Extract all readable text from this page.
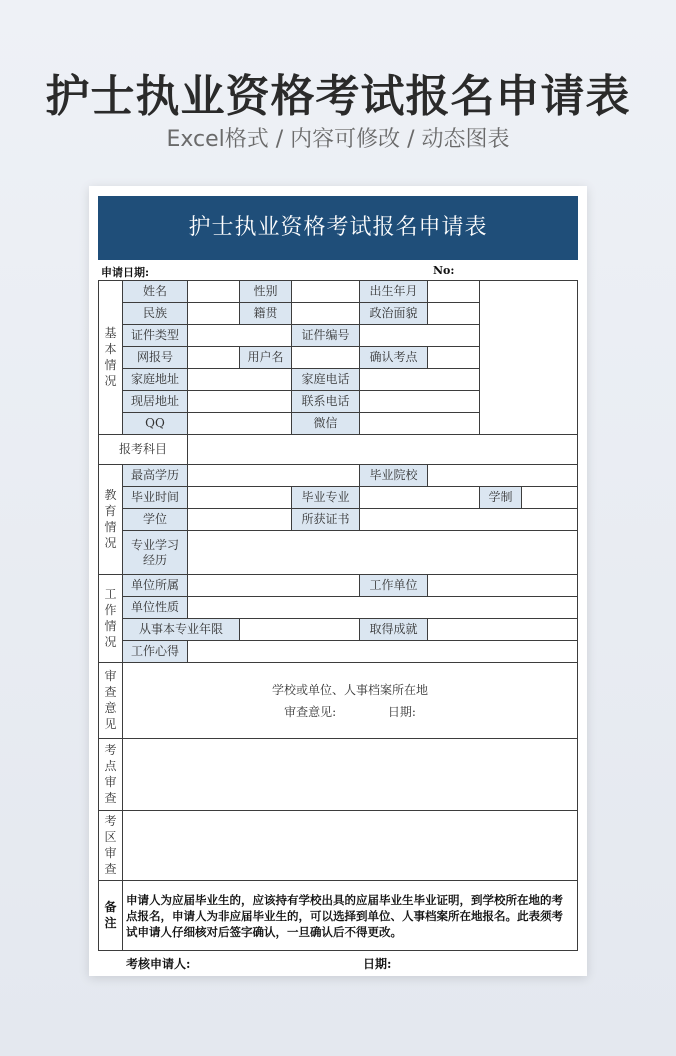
护士执业资格考试报名申请表
Excel格式 / 内容可修改 / 动态图表
护士执业资格考试报名申请表
申请日期:	No:
基本情况	姓名		性别		出生年月			
	民族		籍贯		政治面貌			
	证件类型			证件编号				
	网报号		用户名		确认考点			
	家庭地址			家庭电话				
	现居地址			联系电话				
	QQ			微信				
报考科目								
教育情况	最高学历				毕业院校			
	毕业时间			毕业专业			学制	
	学位			所获证书				
	专业学习经历							
工作情况	单位所属				工作单位			
	单位性质							
	从事本专业年限				取得成就			
	工作心得							
审查意见	学校或单位、人事档案所在地
审查意见: 日期:							

考点审查								
考区审查								
备注	申请人为应届毕业生的，应该持有学校出具的应届毕业生毕业证明，到学校所在地的考点报名，申请人为非应届毕业生的，可以选择到单位、人事档案所在地报名。此表须考试申请人仔细核对后签字确认，一旦确认后不得更改。							
考核申请人:	日期:
